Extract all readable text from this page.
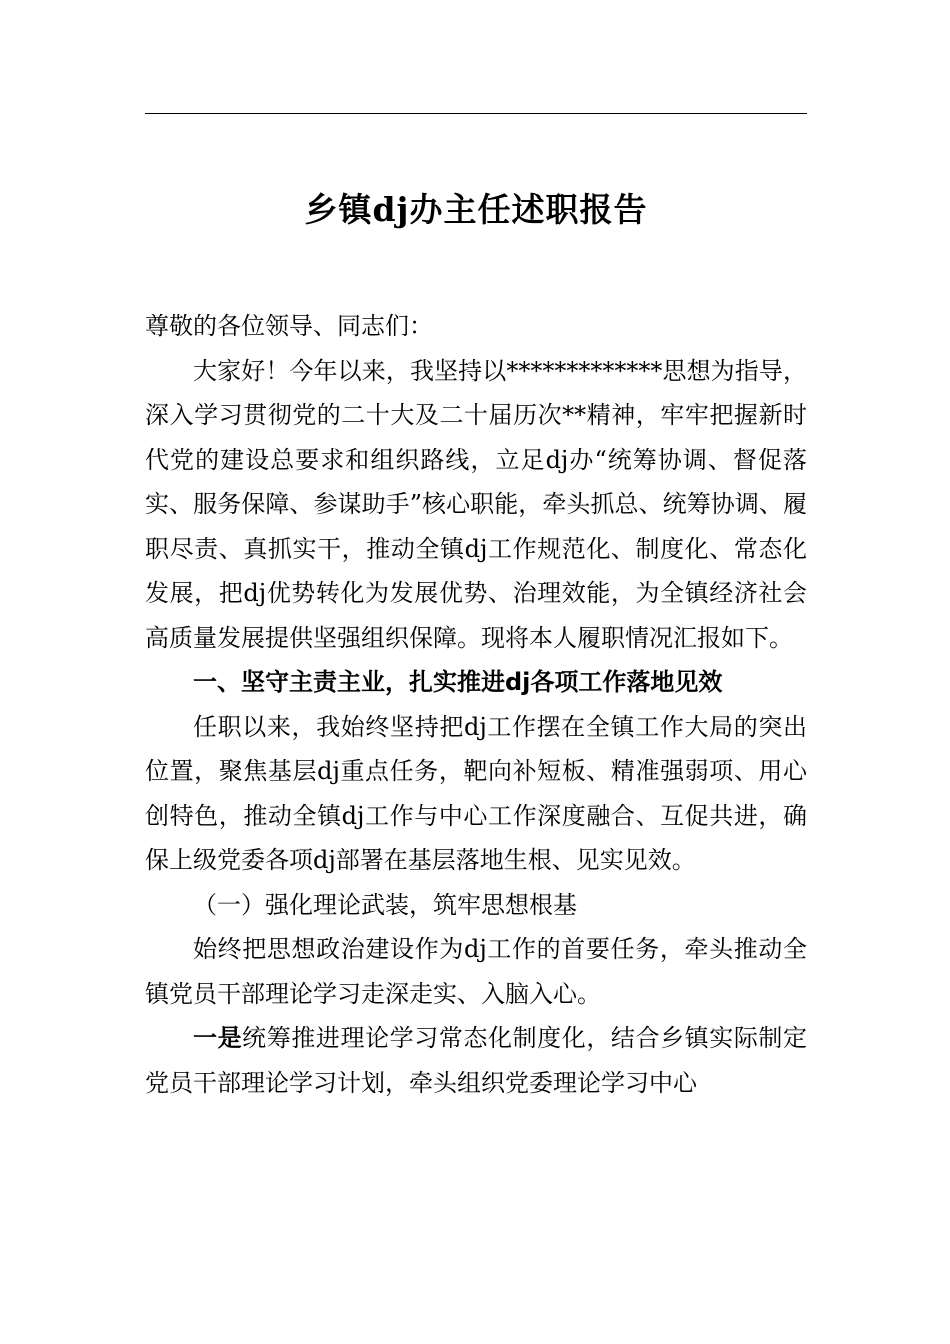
乡镇dj办主任述职报告

尊敬的各位领导、同志们：

大家好！今年以来，我坚持以*************思想为指导，深入学习贯彻党的二十大及二十届历次**精神，牢牢把握新时代党的建设总要求和组织路线，立足dj办“统筹协调、督促落实、服务保障、参谋助手”核心职能，牵头抓总、统筹协调、履职尽责、真抓实干，推动全镇dj工作规范化、制度化、常态化发展，把dj优势转化为发展优势、治理效能，为全镇经济社会高质量发展提供坚强组织保障。现将本人履职情况汇报如下。

一、坚守主责主业，扎实推进dj各项工作落地见效

任职以来，我始终坚持把dj工作摆在全镇工作大局的突出位置，聚焦基层dj重点任务，靶向补短板、精准强弱项、用心创特色，推动全镇dj工作与中心工作深度融合、互促共进，确保上级党委各项dj部署在基层落地生根、见实见效。

（一）强化理论武装，筑牢思想根基

始终把思想政治建设作为dj工作的首要任务，牵头推动全镇党员干部理论学习走深走实、入脑入心。

一是统筹推进理论学习常态化制度化，结合乡镇实际制定党员干部理论学习计划，牵头组织党委理论学习中心
